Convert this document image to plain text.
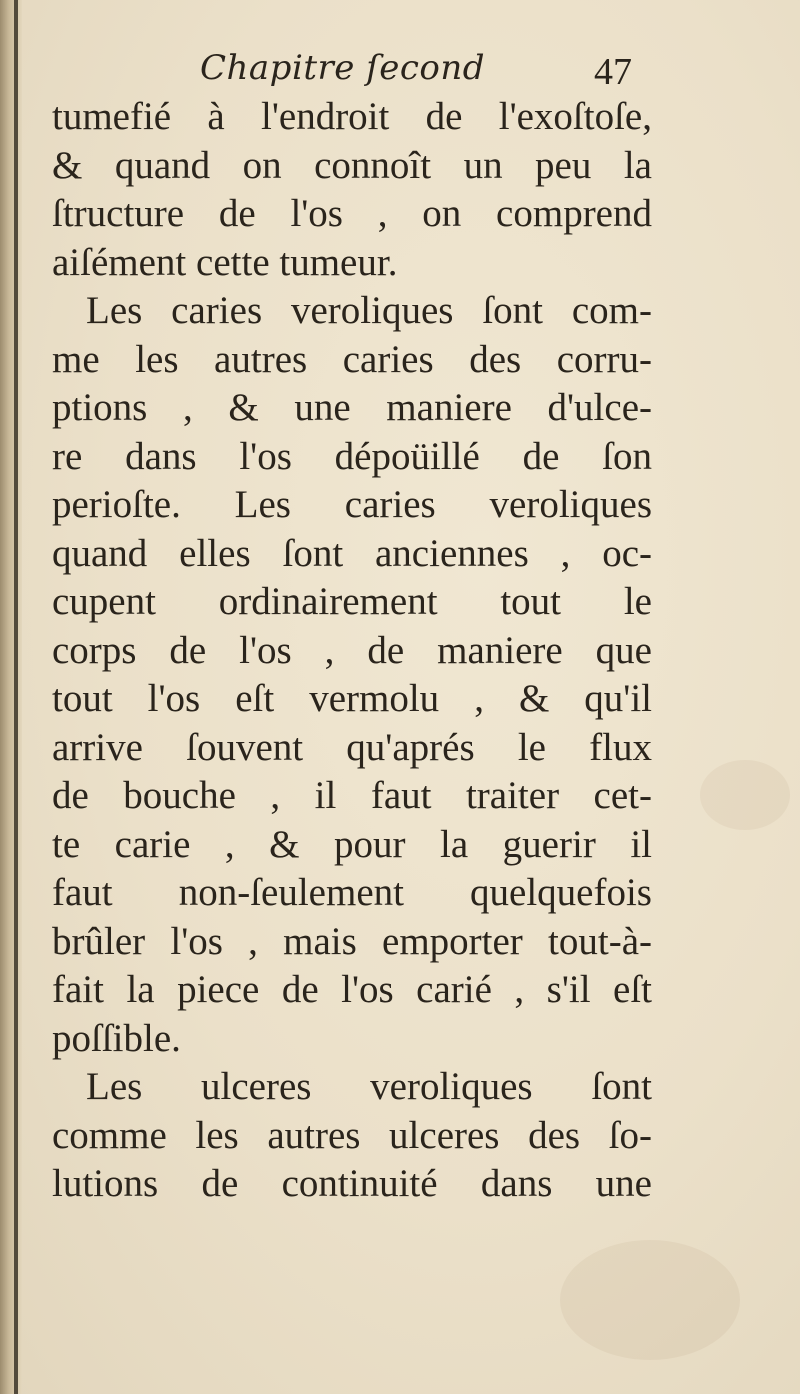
Chapitre ſecond	47
tumefié à l'endroit de l'exoſtoſe,
& quand on connoît un peu la
ſtructure de l'os , on comprend
aiſément cette tumeur.
Les caries veroliques ſont com-
me les autres caries des corru-
ptions , & une maniere d'ulce-
re dans l'os dépoüillé de ſon
perioſte. Les caries veroliques
quand elles ſont anciennes , oc-
cupent ordinairement tout le
corps de l'os , de maniere que
tout l'os eſt vermolu , & qu'il
arrive ſouvent qu'aprés le flux
de bouche , il faut traiter cet-
te carie , & pour la guerir il
faut non-ſeulement quelquefois
brûler l'os , mais emporter tout-à-
fait la piece de l'os carié , s'il eſt
poſſible.
Les ulceres veroliques ſont
comme les autres ulceres des ſo-
lutions de continuité dans une
